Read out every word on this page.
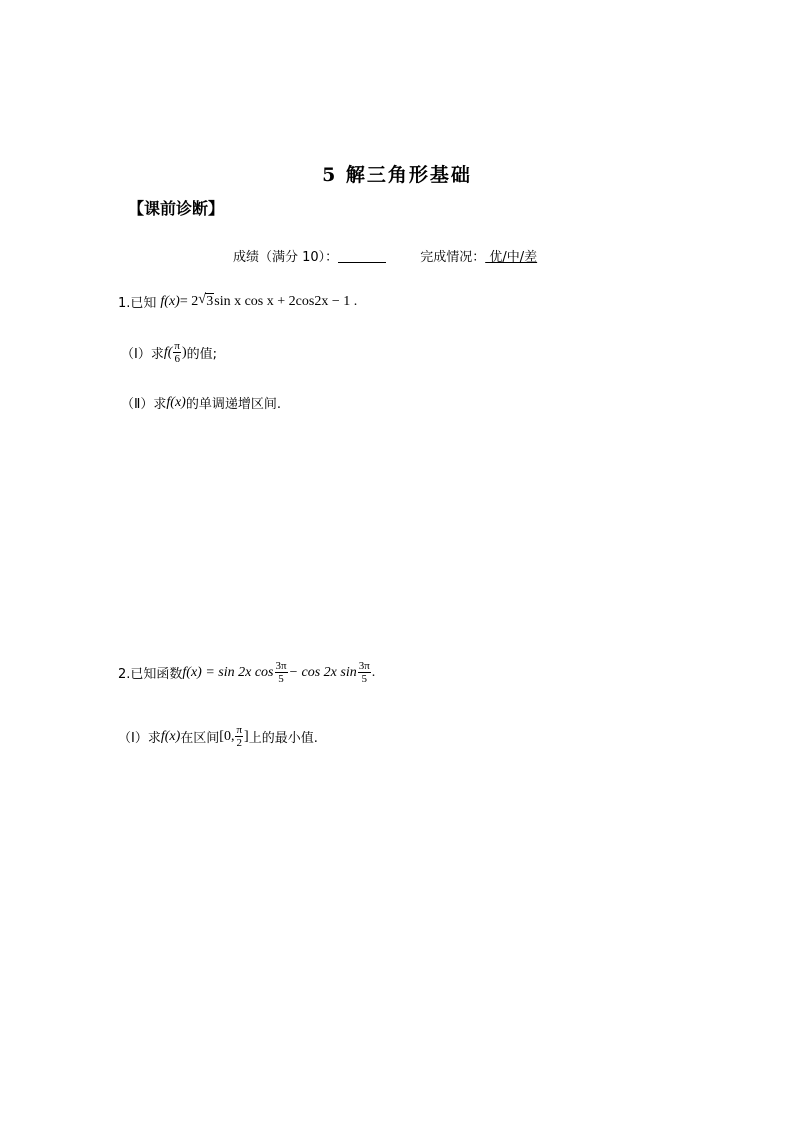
5 解三角形基础
【课前诊断】
成绩（满分 10）：	完成情况： 优/中/差
1.已知 f(x) = 2 √ 3 sin x cos x + 2cos 2 x − 1 .
（Ⅰ）求 $f( \frac{\pi}{6}$ ) 的值;
（Ⅱ）求 f(x) 的单调递增区间.
2.已知函数 f(x) = sin 2x $\cos \frac{3\pi}{5} - \cos 2x$ $\sin \frac{3\pi}{5}$ .
（I）求 f(x) 在区间 [0, $\frac{\pi}{2}$ ] 上的最小值.
